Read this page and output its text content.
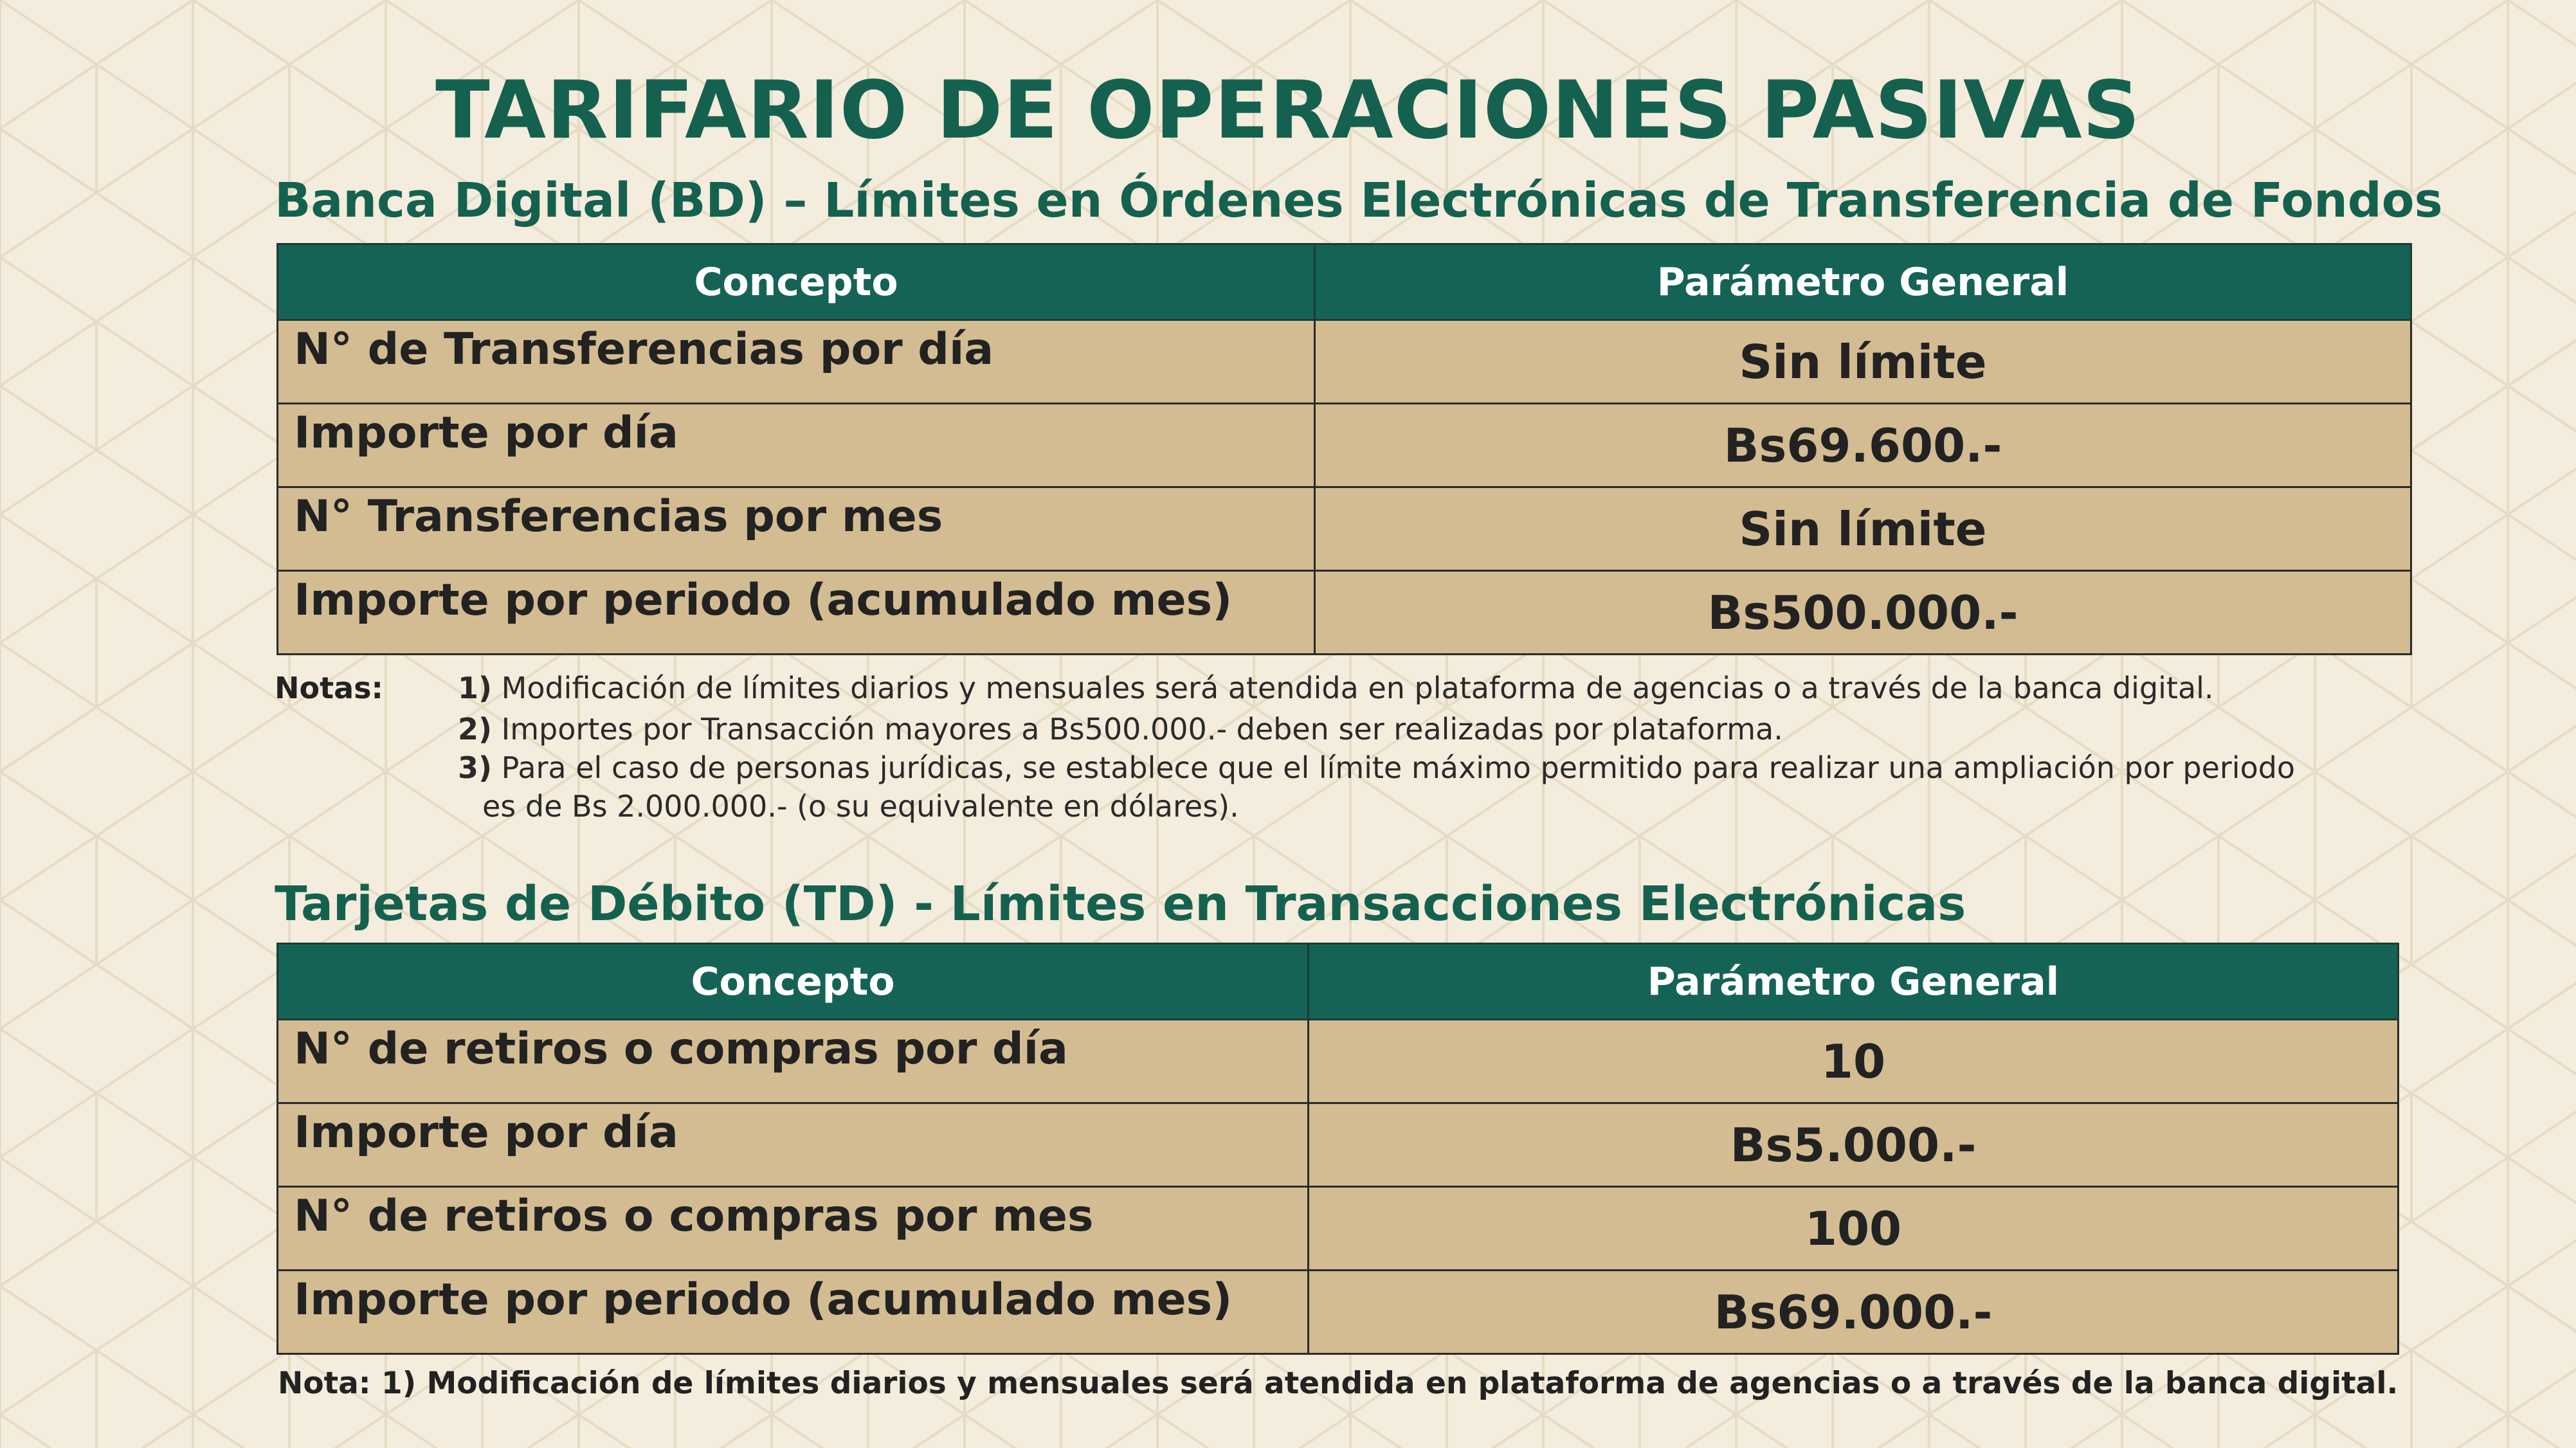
TARIFARIO DE OPERACIONES PASIVAS
Banca Digital (BD) – Límites en Órdenes Electrónicas de Transferencia de Fondos
Concepto	Parámetro General
N° de Transferencias por día	Sin límite
Importe por día	Bs69.600.-
N° Transferencias por mes	Sin límite
Importe por periodo (acumulado mes)	Bs500.000.-
Notas:	1) Modificación de límites diarios y mensuales será atendida en plataforma de agencias o a través de la banca digital.
2) Importes por Transacción mayores a Bs500.000.- deben ser realizadas por plataforma.
3) Para el caso de personas jurídicas, se establece que el límite máximo permitido para realizar una ampliación por periodo
es de Bs 2.000.000.- (o su equivalente en dólares).
Tarjetas de Débito (TD) - Límites en Transacciones Electrónicas
Concepto	Parámetro General
N° de retiros o compras por día	10
Importe por día	Bs5.000.-
N° de retiros o compras por mes	100
Importe por periodo (acumulado mes)	Bs69.000.-
Nota: 1) Modificación de límites diarios y mensuales será atendida en plataforma de agencias o a través de la banca digital.
